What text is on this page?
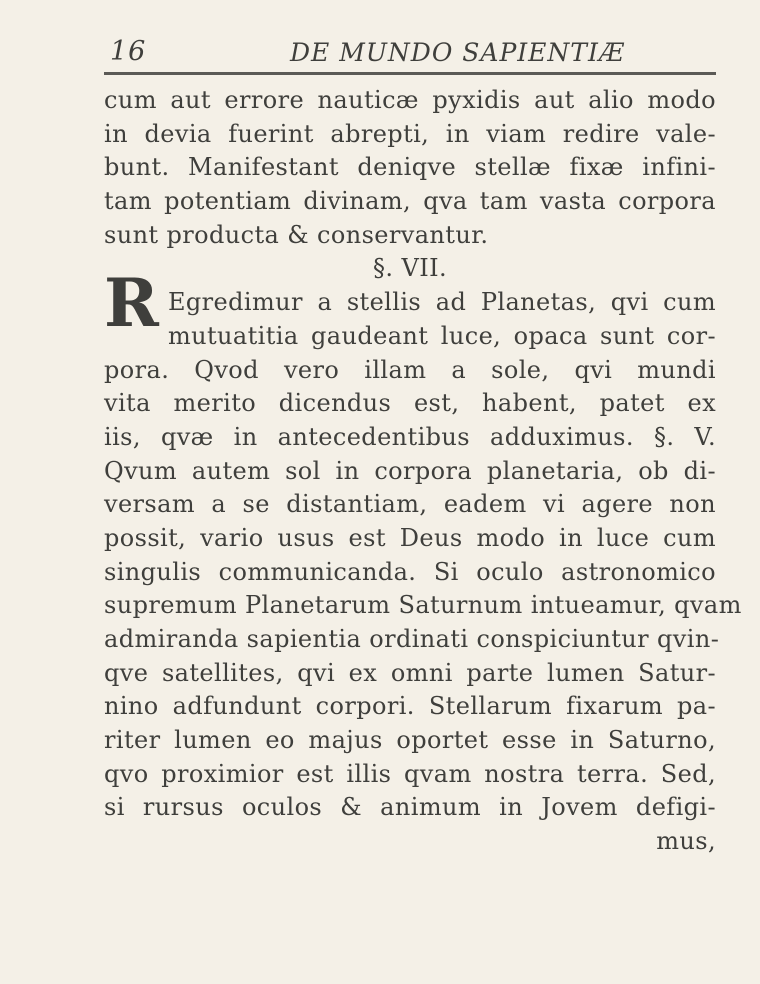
16	DE MUNDO SAPIENTIÆ
R
cum aut errore nauticæ pyxidis aut alio modo
in devia fuerint abrepti, in viam redire vale-
bunt. Manifestant deniqve stellæ fixæ infini-
tam potentiam divinam, qva tam vasta corpora
sunt producta & conservantur.
§. VII.
Egredimur a stellis ad Planetas, qvi cum
mutuatitia gaudeant luce, opaca sunt cor-
pora. Qvod vero illam a sole, qvi mundi
vita merito dicendus est, habent, patet ex
iis, qvæ in antecedentibus adduximus. §. V.
Qvum autem sol in corpora planetaria, ob di-
versam a se distantiam, eadem vi agere non
possit, vario usus est Deus modo in luce cum
singulis communicanda. Si oculo astronomico
supremum Planetarum Saturnum intueamur, qvam
admiranda sapientia ordinati conspiciuntur qvin-
qve satellites, qvi ex omni parte lumen Satur-
nino adfundunt corpori. Stellarum fixarum pa-
riter lumen eo majus oportet esse in Saturno,
qvo proximior est illis qvam nostra terra. Sed,
si rursus oculos & animum in Jovem defigi-
mus,
